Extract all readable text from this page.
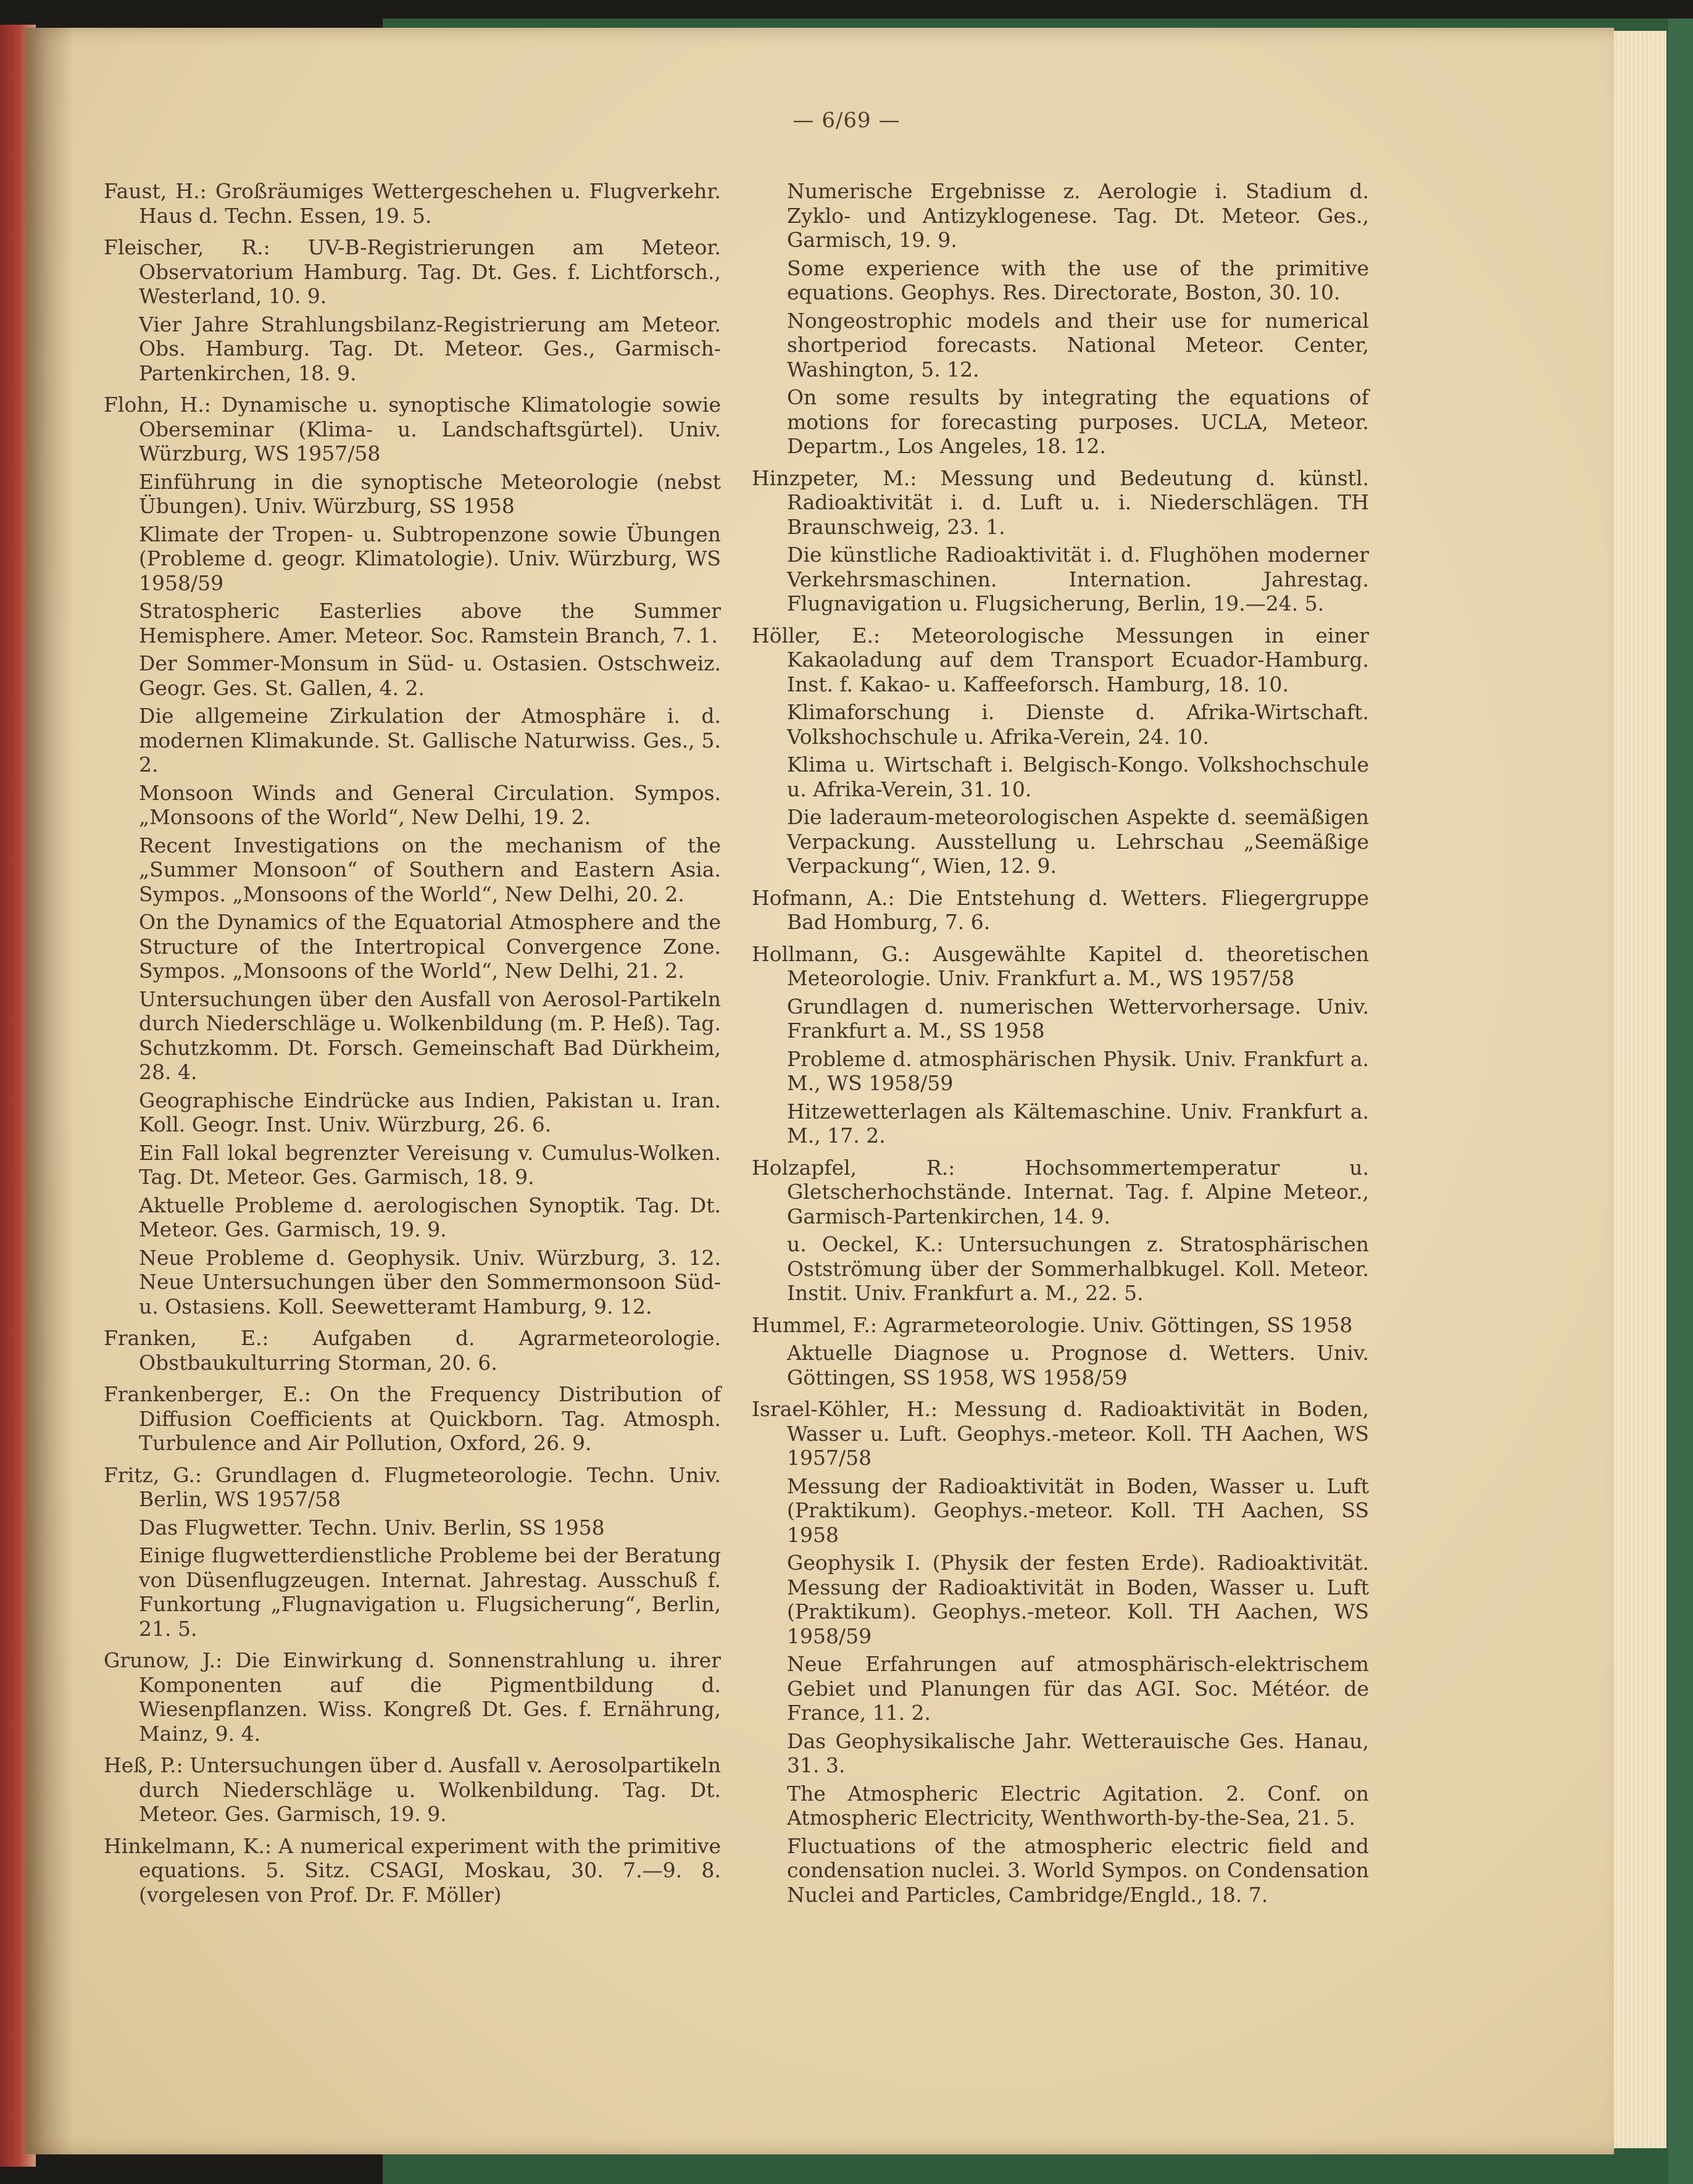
— 6/69 —

Faust, H.: Großräumiges Wettergeschehen u. Flugverkehr. Haus d. Techn. Essen, 19. 5.

Fleischer, R.: UV-B-Registrierungen am Meteor. Observatorium Hamburg. Tag. Dt. Ges. f. Lichtforsch., Westerland, 10. 9.

Vier Jahre Strahlungsbilanz-Registrierung am Meteor. Obs. Hamburg. Tag. Dt. Meteor. Ges., Garmisch-Partenkirchen, 18. 9.

Flohn, H.: Dynamische u. synoptische Klimatologie sowie Oberseminar (Klima- u. Landschaftsgürtel). Univ. Würzburg, WS 1957/58

Einführung in die synoptische Meteorologie (nebst Übungen). Univ. Würzburg, SS 1958

Klimate der Tropen- u. Subtropenzone sowie Übungen (Probleme d. geogr. Klimatologie). Univ. Würzburg, WS 1958/59

Stratospheric Easterlies above the Summer Hemisphere. Amer. Meteor. Soc. Ramstein Branch, 7. 1.

Der Sommer-Monsum in Süd- u. Ostasien. Ostschweiz. Geogr. Ges. St. Gallen, 4. 2.

Die allgemeine Zirkulation der Atmosphäre i. d. modernen Klimakunde. St. Gallische Naturwiss. Ges., 5. 2.

Monsoon Winds and General Circulation. Sympos. „Monsoons of the World“, New Delhi, 19. 2.

Recent Investigations on the mechanism of the „Summer Monsoon“ of Southern and Eastern Asia. Sympos. „Monsoons of the World“, New Delhi, 20. 2.

On the Dynamics of the Equatorial Atmosphere and the Structure of the Intertropical Convergence Zone. Sympos. „Monsoons of the World“, New Delhi, 21. 2.

Untersuchungen über den Ausfall von Aerosol-Partikeln durch Niederschläge u. Wolkenbildung (m. P. Heß). Tag. Schutzkomm. Dt. Forsch. Gemeinschaft Bad Dürkheim, 28. 4.

Geographische Eindrücke aus Indien, Pakistan u. Iran. Koll. Geogr. Inst. Univ. Würzburg, 26. 6.

Ein Fall lokal begrenzter Vereisung v. Cumulus-Wolken. Tag. Dt. Meteor. Ges. Garmisch, 18. 9.

Aktuelle Probleme d. aerologischen Synoptik. Tag. Dt. Meteor. Ges. Garmisch, 19. 9.

Neue Probleme d. Geophysik. Univ. Würzburg, 3. 12. Neue Untersuchungen über den Sommermonsoon Süd- u. Ostasiens. Koll. Seewetteramt Hamburg, 9. 12.

Franken, E.: Aufgaben d. Agrarmeteorologie. Obstbaukulturring Storman, 20. 6.

Frankenberger, E.: On the Frequency Distribution of Diffusion Coefficients at Quickborn. Tag. Atmosph. Turbulence and Air Pollution, Oxford, 26. 9.

Fritz, G.: Grundlagen d. Flugmeteorologie. Techn. Univ. Berlin, WS 1957/58

Das Flugwetter. Techn. Univ. Berlin, SS 1958

Einige flugwetterdienstliche Probleme bei der Beratung von Düsenflugzeugen. Internat. Jahrestag. Ausschuß f. Funkortung „Flugnavigation u. Flugsicherung“, Berlin, 21. 5.

Grunow, J.: Die Einwirkung d. Sonnenstrahlung u. ihrer Komponenten auf die Pigmentbildung d. Wiesenpflanzen. Wiss. Kongreß Dt. Ges. f. Ernährung, Mainz, 9. 4.

Heß, P.: Untersuchungen über d. Ausfall v. Aerosolpartikeln durch Niederschläge u. Wolkenbildung. Tag. Dt. Meteor. Ges. Garmisch, 19. 9.

Hinkelmann, K.: A numerical experiment with the primitive equations. 5. Sitz. CSAGI, Moskau, 30. 7.—9. 8. (vorgelesen von Prof. Dr. F. Möller)

Numerische Ergebnisse z. Aerologie i. Stadium d. Zyklo- und Antizyklogenese. Tag. Dt. Meteor. Ges., Garmisch, 19. 9.

Some experience with the use of the primitive equations. Geophys. Res. Directorate, Boston, 30. 10.

Nongeostrophic models and their use for numerical shortperiod forecasts. National Meteor. Center, Washington, 5. 12.

On some results by integrating the equations of motions for forecasting purposes. UCLA, Meteor. Departm., Los Angeles, 18. 12.

Hinzpeter, M.: Messung und Bedeutung d. künstl. Radioaktivität i. d. Luft u. i. Niederschlägen. TH Braunschweig, 23. 1.

Die künstliche Radioaktivität i. d. Flughöhen moderner Verkehrsmaschinen. Internation. Jahrestag. Flugnavigation u. Flugsicherung, Berlin, 19.—24. 5.

Höller, E.: Meteorologische Messungen in einer Kakaoladung auf dem Transport Ecuador-Hamburg. Inst. f. Kakao- u. Kaffeeforsch. Hamburg, 18. 10.

Klimaforschung i. Dienste d. Afrika-Wirtschaft. Volkshochschule u. Afrika-Verein, 24. 10.

Klima u. Wirtschaft i. Belgisch-Kongo. Volkshochschule u. Afrika-Verein, 31. 10.

Die laderaum-meteorologischen Aspekte d. seemäßigen Verpackung. Ausstellung u. Lehrschau „Seemäßige Verpackung“, Wien, 12. 9.

Hofmann, A.: Die Entstehung d. Wetters. Fliegergruppe Bad Homburg, 7. 6.

Hollmann, G.: Ausgewählte Kapitel d. theoretischen Meteorologie. Univ. Frankfurt a. M., WS 1957/58

Grundlagen d. numerischen Wettervorhersage. Univ. Frankfurt a. M., SS 1958

Probleme d. atmosphärischen Physik. Univ. Frankfurt a. M., WS 1958/59

Hitzewetterlagen als Kältemaschine. Univ. Frankfurt a. M., 17. 2.

Holzapfel, R.:	Hochsommertemperatur u. Gletscherhochstände. Internat. Tag. f. Alpine Meteor., Garmisch-Partenkirchen, 14. 9.

u. Oeckel, K.: Untersuchungen z. Stratosphärischen Ostströmung über der Sommerhalbkugel. Koll. Meteor. Instit. Univ. Frankfurt a. M., 22. 5.

Hummel, F.: Agrarmeteorologie. Univ. Göttingen, SS 1958

Aktuelle Diagnose u. Prognose d. Wetters. Univ. Göttingen, SS 1958, WS 1958/59

Israel-Köhler, H.: Messung d. Radioaktivität in Boden, Wasser u. Luft. Geophys.-meteor. Koll. TH Aachen, WS 1957/58

Messung der Radioaktivität in Boden, Wasser u. Luft (Praktikum). Geophys.-meteor. Koll. TH Aachen, SS 1958

Geophysik I. (Physik der festen Erde). Radioaktivität. Messung der Radioaktivität in Boden, Wasser u. Luft (Praktikum). Geophys.-meteor. Koll. TH Aachen, WS 1958/59

Neue Erfahrungen auf atmosphärisch-elektrischem Gebiet und Planungen für das AGI. Soc. Météor. de France, 11. 2.

Das Geophysikalische Jahr. Wetterauische Ges. Hanau, 31. 3.

The Atmospheric Electric Agitation. 2. Conf. on Atmospheric Electricity, Wenthworth-by-the-Sea, 21. 5.

Fluctuations of the atmospheric electric field and condensation nuclei. 3. World Sympos. on Condensation Nuclei and Particles, Cambridge/Engld., 18. 7.
